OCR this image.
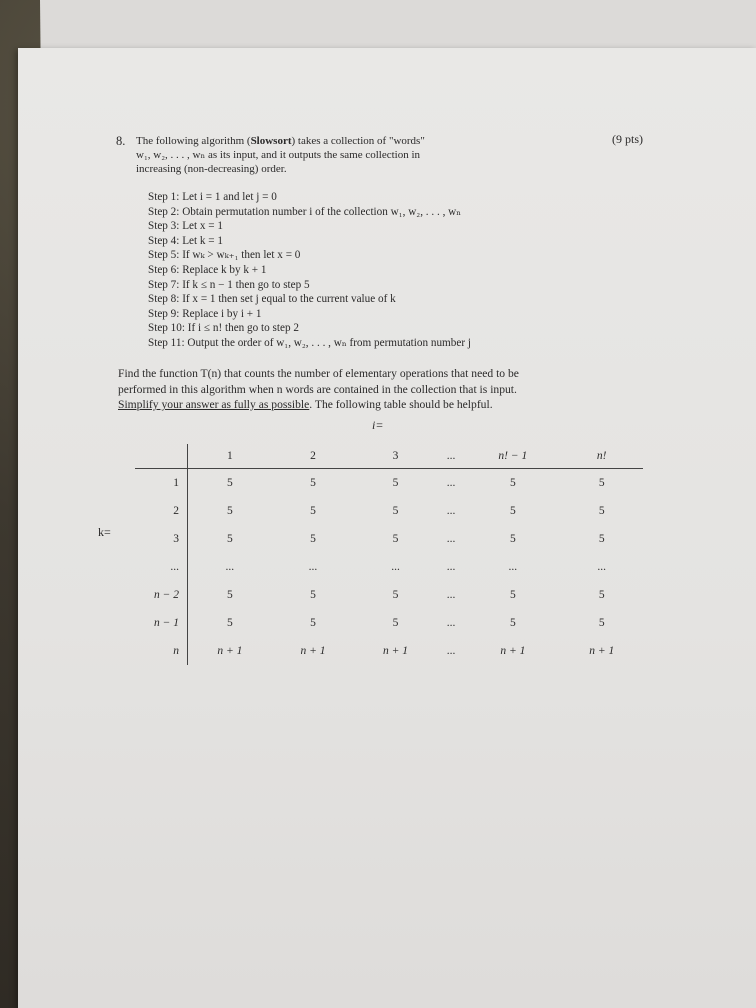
8. The following algorithm (Slowsort) takes a collection of "words"
w₁, w₂, . . . , wₙ as its input, and it outputs the same collection in
increasing (non-decreasing) order.
(9 pts)
Step 1: Let i = 1 and let j = 0
Step 2: Obtain permutation number i of the collection w₁, w₂, . . . , wₙ
Step 3: Let x = 1
Step 4: Let k = 1
Step 5: If wₖ > wₖ₊₁ then let x = 0
Step 6: Replace k by k + 1
Step 7: If k ≤ n − 1 then go to step 5
Step 8: If x = 1 then set j equal to the current value of k
Step 9: Replace i by i + 1
Step 10: If i ≤ n! then go to step 2
Step 11: Output the order of w₁, w₂, . . . , wₙ from permutation number j
Find the function T(n) that counts the number of elementary operations that need to be
performed in this algorithm when n words are contained in the collection that is input.
Simplify your answer as fully as possible. The following table should be helpful.
i=
k=
	1	2	3	...	n! − 1	n!
1	5	5	5	...	5	5
2	5	5	5	...	5	5
3	5	5	5	...	5	5
...	...	...	...	...	...	...
n − 2	5	5	5	...	5	5
n − 1	5	5	5	...	5	5
n	n + 1	n + 1	n + 1	...	n + 1	n + 1
